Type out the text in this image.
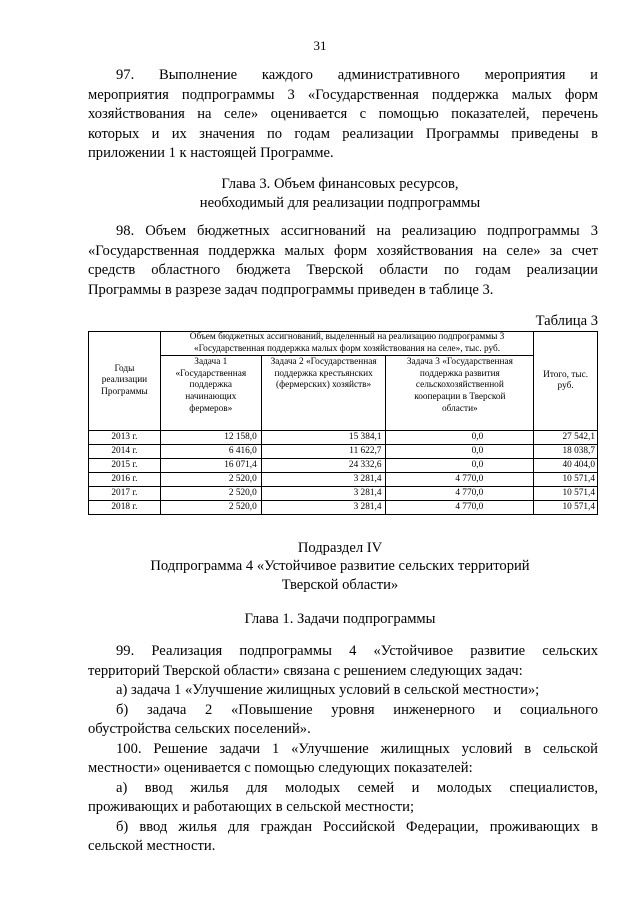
31
97. Выполнение каждого административного мероприятия и
мероприятия подпрограммы 3 «Государственная поддержка малых форм
хозяйствования на селе» оценивается с помощью показателей, перечень
которых и их значения по годам реализации Программы приведены в
приложении 1 к настоящей Программе.
Глава 3. Объем финансовых ресурсов,
необходимый для реализации подпрограммы
98. Объем бюджетных ассигнований на реализацию подпрограммы 3
«Государственная поддержка малых форм хозяйствования на селе» за счет
средств областного бюджета Тверской области по годам реализации
Программы в разрезе задач подпрограммы приведен в таблице 3.
Таблица 3
Годы реализации Программы	Объем бюджетных ассигнований, выделенный на реализацию подпрограммы 3 «Государственная поддержка малых форм хозяйствования на селе», тыс. руб.			Итого, тыс. руб.
	Задача 1 «Государственная поддержка начинающих фермеров»	Задача 2 «Государственная поддержка крестьянских (фермерских) хозяйств»	Задача 3 «Государственная поддержка развития сельскохозяйственной кооперации в Тверской области»	
2013 г.	12 158,0	15 384,1	0,0	27 542,1
2014 г.	6 416,0	11 622,7	0,0	18 038,7
2015 г.	16 071,4	24 332,6	0,0	40 404,0
2016 г.	2 520,0	3 281,4	4 770,0	10 571,4
2017 г.	2 520,0	3 281,4	4 770,0	10 571,4
2018 г.	2 520,0	3 281,4	4 770,0	10 571,4
Подраздел IV
Подпрограмма 4 «Устойчивое развитие сельских территорий
Тверской области»
Глава 1. Задачи подпрограммы
99. Реализация подпрограммы 4 «Устойчивое развитие сельских
территорий Тверской области» связана с решением следующих задач:
а) задача 1 «Улучшение жилищных условий в сельской местности»;
б) задача 2 «Повышение уровня инженерного и социального
обустройства сельских поселений».
100. Решение задачи 1 «Улучшение жилищных условий в сельской
местности» оценивается с помощью следующих показателей:
а) ввод жилья для молодых семей и молодых специалистов,
проживающих и работающих в сельской местности;
б) ввод жилья для граждан Российской Федерации, проживающих в
сельской местности.
